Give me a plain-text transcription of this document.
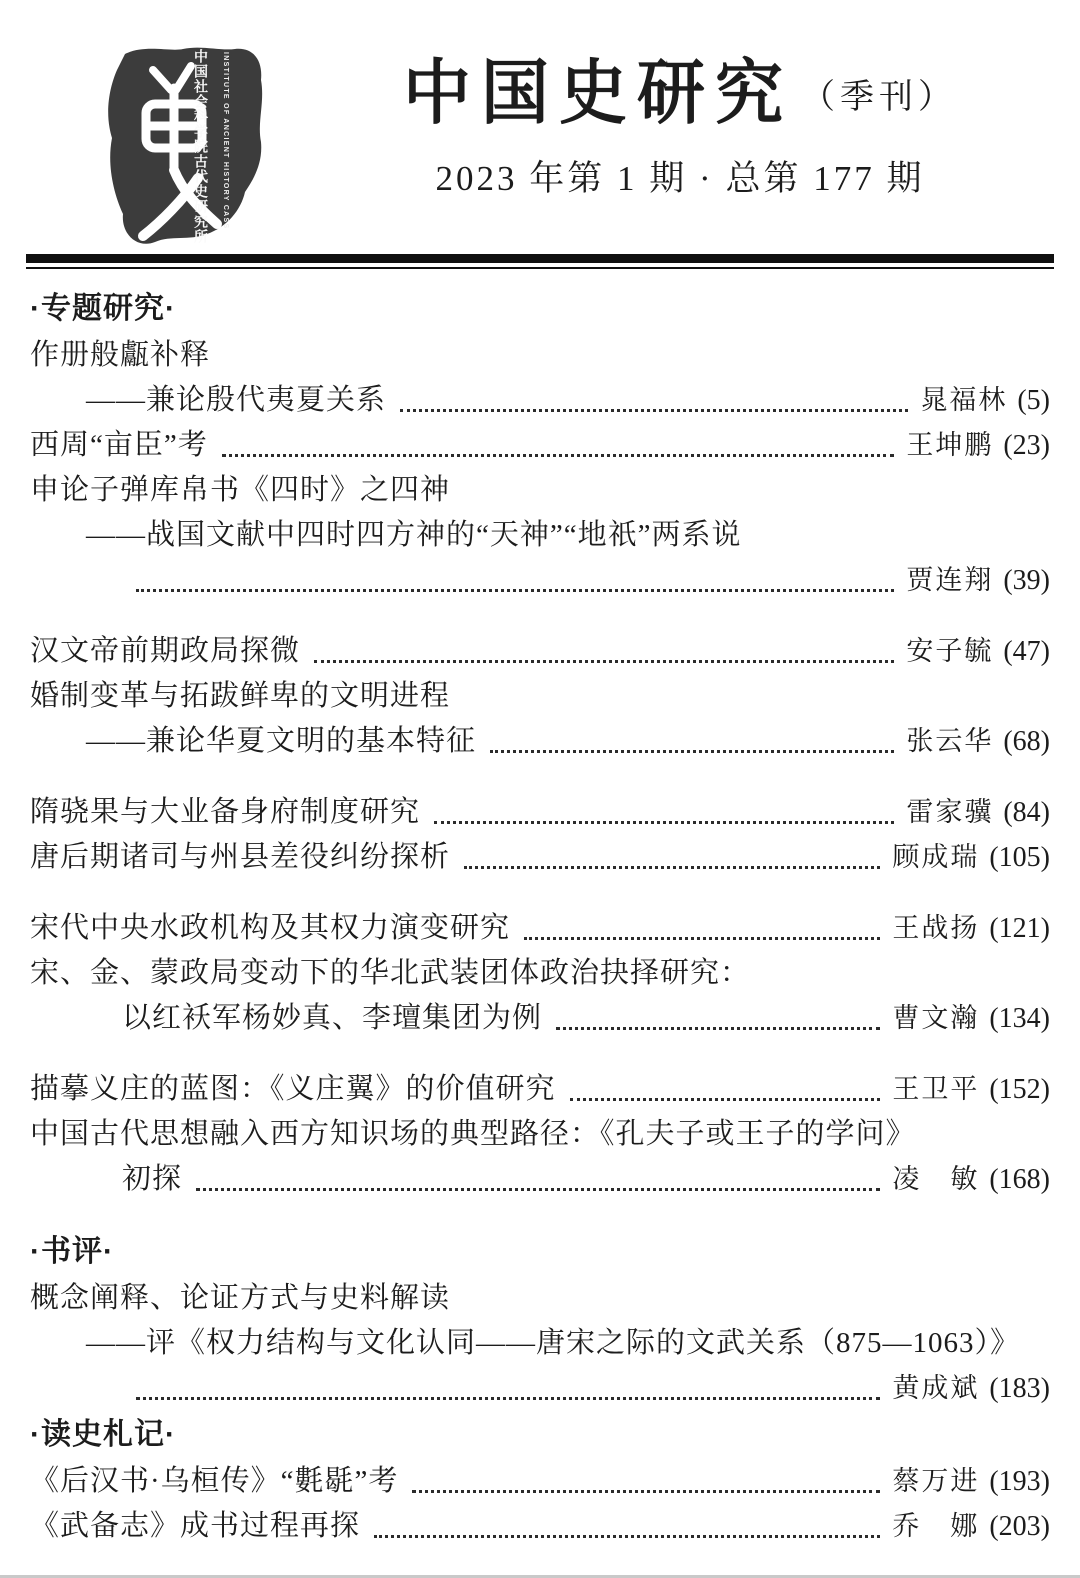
中国社会科学院古代史研究所 INSTITUTE OF ANCIENT HISTORY CASS	中国史研究 （季刊）
2023 年第 1 期 · 总第 177 期
·专题研究·
作册般甗补释
——兼论殷代夷夏关系	晁福林 (5)
西周“亩臣”考	王坤鹏 (23)
申论子弹库帛书《四时》之四神
——战国文献中四时四方神的“天神”“地祇”两系说
贾连翔 (39)
汉文帝前期政局探微	安子毓 (47)
婚制变革与拓跋鲜卑的文明进程
——兼论华夏文明的基本特征	张云华 (68)
隋骁果与大业备身府制度研究	雷家骥 (84)
唐后期诸司与州县差役纠纷探析	顾成瑞 (105)
宋代中央水政机构及其权力演变研究	王战扬 (121)
宋、金、蒙政局变动下的华北武装团体政治抉择研究：
以红袄军杨妙真、李璮集团为例	曹文瀚 (134)
描摹义庄的蓝图：《义庄翼》的价值研究	王卫平 (152)
中国古代思想融入西方知识场的典型路径：《孔夫子或王子的学问》
初探	凌　敏 (168)
·书评·
概念阐释、论证方式与史料解读
——评《权力结构与文化认同——唐宋之际的文武关系（875—1063）》
黄成斌 (183)
·读史札记·
《后汉书·乌桓传》“氀毼”考	蔡万进 (193)
《武备志》成书过程再探	乔　娜 (203)
